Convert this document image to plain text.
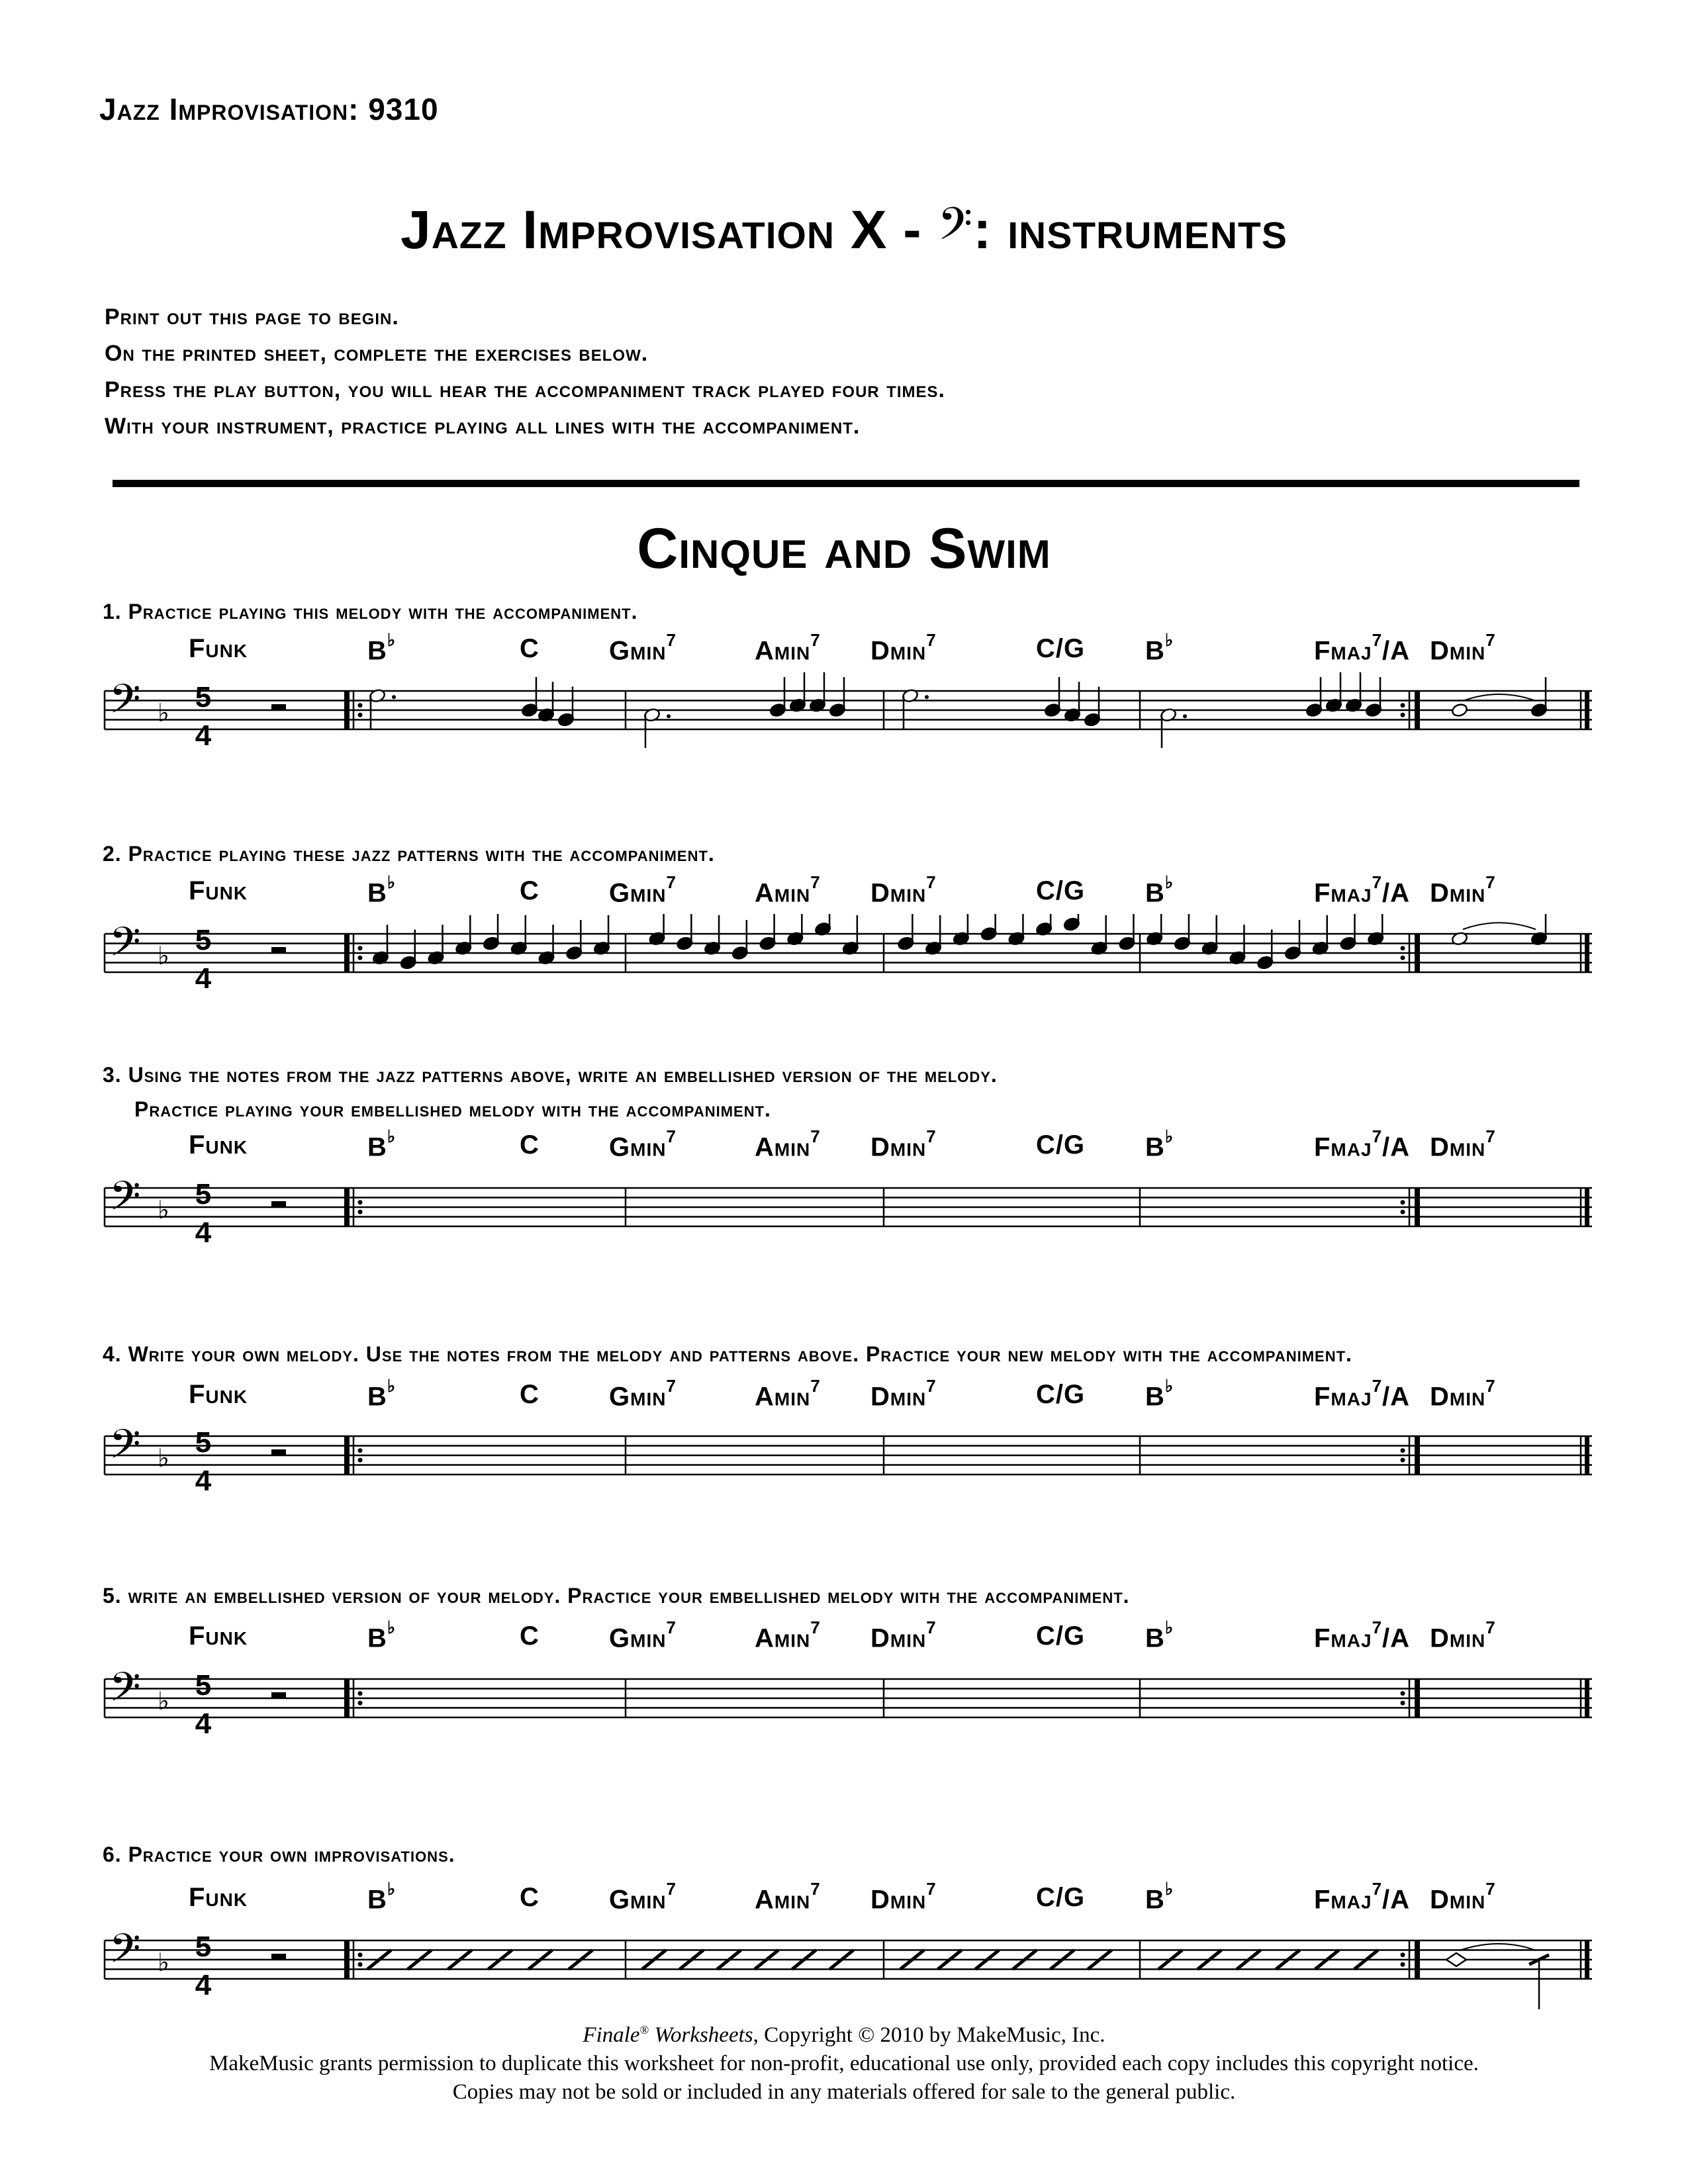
Jazz Improvisation: 9310
Jazz Improvisation X - 𝄢: instruments
Print out this page to begin.
On the printed sheet, complete the exercises below.
Press the play button, you will hear the accompaniment track played four times.
With your instrument, practice playing all lines with the accompaniment.
Cinque and Swim
1. Practice playing this melody with the accompaniment.
Funk	B♭	C	Gmin$^7$	Amin$^7$ Dmin$^7$	C/G B♭	Fmaj$^7$/A Dmin$^7$
𝄢 ♭ 5
4
2. Practice playing these jazz patterns with the accompaniment.
Funk	B♭	C	Gmin$^7$	Amin$^7$ Dmin$^7$	C/G B♭	Fmaj$^7$/A Dmin$^7$
𝄢 ♭ 5
4
3. Using the notes from the jazz patterns above, write an embellished version of the melody.
Practice playing your embellished melody with the accompaniment.
Funk	B♭	C	Gmin$^7$	Amin$^7$ Dmin$^7$	C/G B♭	Fmaj$^7$/A Dmin$^7$
𝄢 ♭ 5
4
4. Write your own melody. Use the notes from the melody and patterns above. Practice your new melody with the accompaniment.
Funk	B♭	C	Gmin$^7$	Amin$^7$ Dmin$^7$	C/G B♭	Fmaj$^7$/A Dmin$^7$
𝄢 ♭ 5
4
5. write an embellished version of your melody. Practice your embellished melody with the accompaniment.
Funk	B♭	C	Gmin$^7$	Amin$^7$ Dmin$^7$	C/G B♭	Fmaj$^7$/A Dmin$^7$
𝄢 ♭ 5
4
6. Practice your own improvisations.
Funk	B♭	C	Gmin$^7$	Amin$^7$ Dmin$^7$	C/G B♭	Fmaj$^7$/A Dmin$^7$
𝄢 ♭ 5
4
Finale® Worksheets, Copyright © 2010 by MakeMusic, Inc.
MakeMusic grants permission to duplicate this worksheet for non-profit, educational use only, provided each copy includes this copyright notice.
Copies may not be sold or included in any materials offered for sale to the general public.
